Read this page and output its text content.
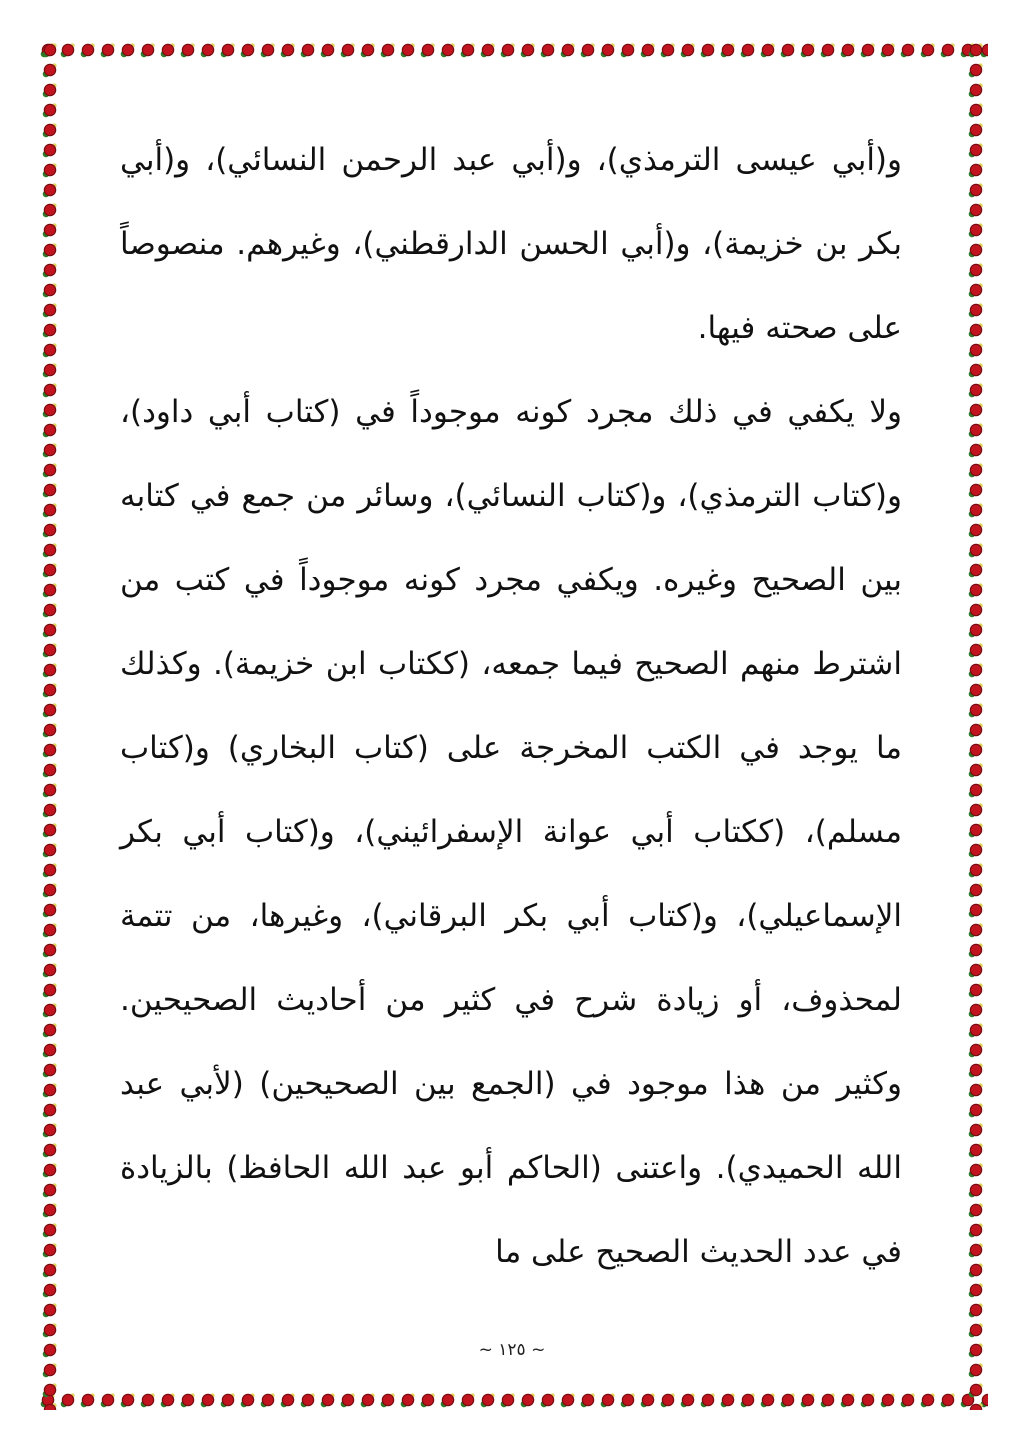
و(أبي عيسى الترمذي)، و(أبي عبد الرحمن النسائي)، و(أبي بكر بن خزيمة)، و(أبي الحسن الدارقطني)، وغيرهم. منصوصاً على صحته فيها.

ولا يكفي في ذلك مجرد كونه موجوداً في (كتاب أبي داود)، و(كتاب الترمذي)، و(كتاب النسائي)، وسائر من جمع في كتابه بين الصحيح وغيره. ويكفي مجرد كونه موجوداً في كتب من اشترط منهم الصحيح فيما جمعه، (ككتاب ابن خزيمة). وكذلك ما يوجد في الكتب المخرجة على (كتاب البخاري) و(كتاب مسلم)، (ككتاب أبي عوانة الإسفرائيني)، و(كتاب أبي بكر الإسماعيلي)، و(كتاب أبي بكر البرقاني)، وغيرها، من تتمة لمحذوف، أو زيادة شرح في كثير من أحاديث الصحيحين. وكثير من هذا موجود في (الجمع بين الصحيحين) (لأبي عبد الله الحميدي). واعتنى (الحاكم أبو عبد الله الحافظ) بالزيادة في عدد الحديث الصحيح على ما

~ ١٢٥ ~
